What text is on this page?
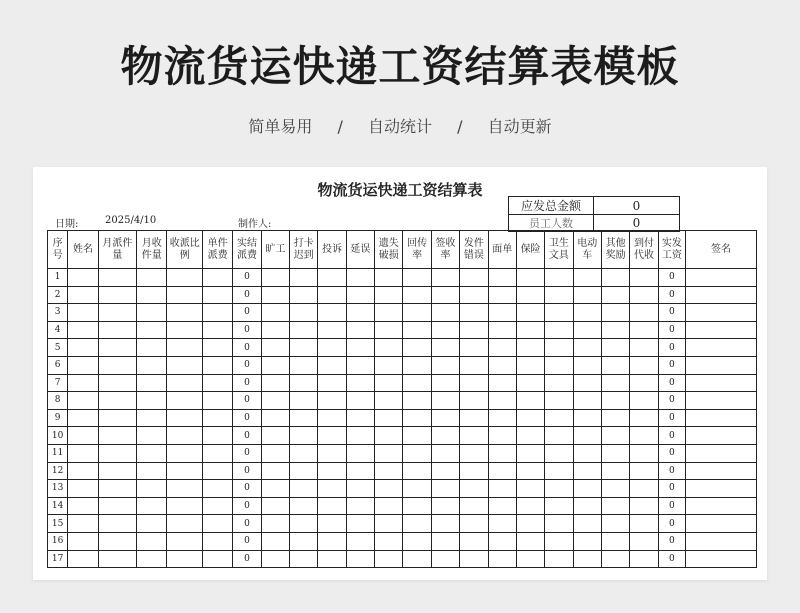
物流货运快递工资结算表模板
简单易用 / 自动统计 / 自动更新
物流货运快递工资结算表
应发总金额	0
员工人数	0
日期:	2025/4/10	制作人:
序号	姓名	月派件量	月收件量	收派比例	单件派费	实结派费	旷工	打卡迟到	投诉	延误	遗失破损	回传率	签收率	发件错误	面单	保险	卫生文具	电动车	其他奖励	到付代收	实发工资	签名
1						0															0	
2						0															0	
3						0															0	
4						0															0	
5						0															0	
6						0															0	
7						0															0	
8						0															0	
9						0															0	
10						0															0	
11						0															0	
12						0															0	
13						0															0	
14						0															0	
15						0															0	
16						0															0	
17						0															0	
